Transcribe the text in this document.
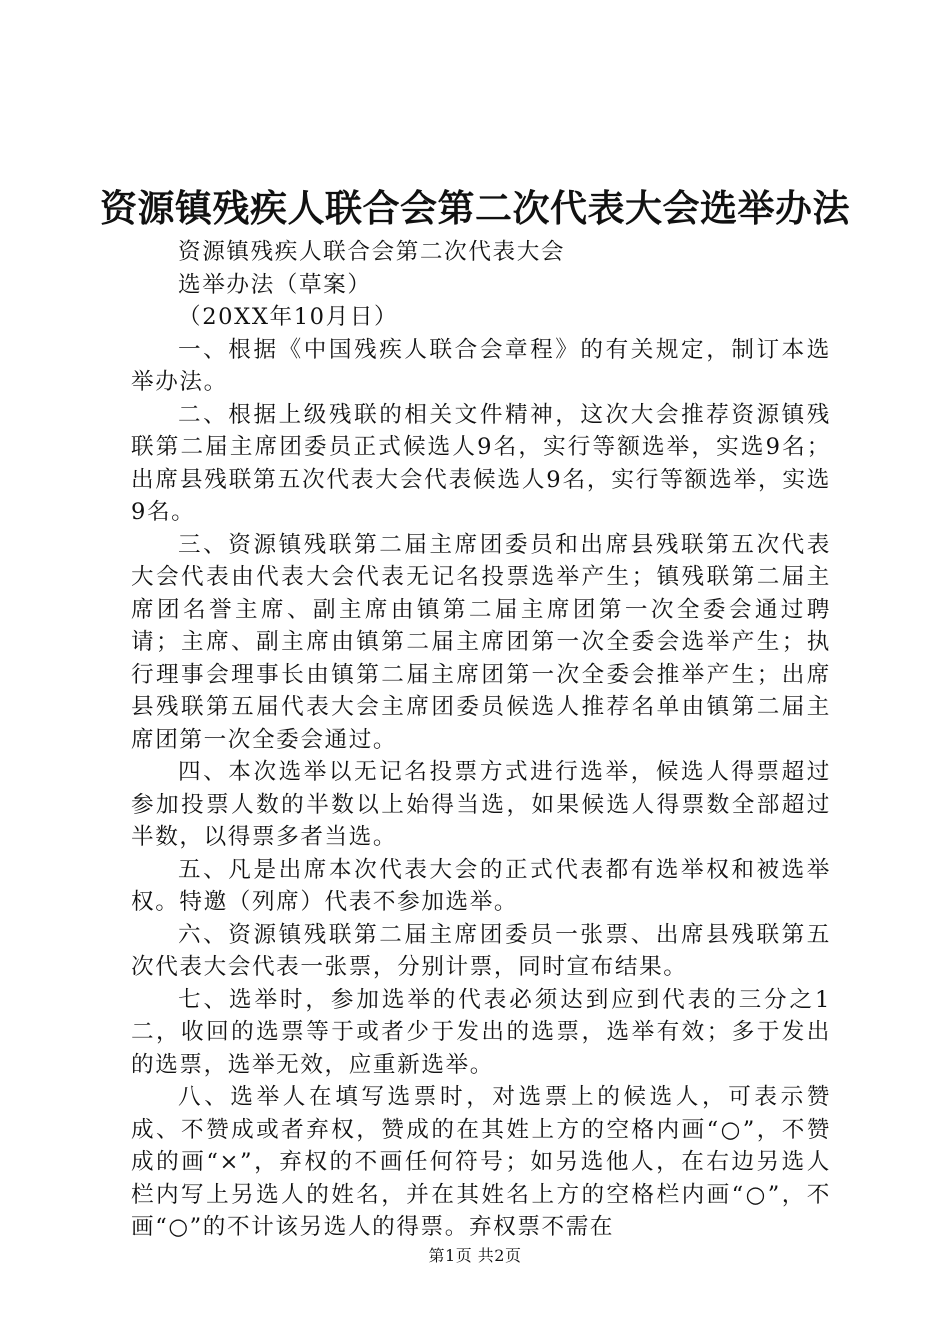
资源镇残疾人联合会第二次代表大会选举办法

资源镇残疾人联合会第二次代表大会

选举办法（草案）

（20XX年10月日）

一、根据《中国残疾人联合会章程》的有关规定，制订本选举办法。

二、根据上级残联的相关文件精神，这次大会推荐资源镇残联第二届主席团委员正式候选人9名，实行等额选举，实选9名；出席县残联第五次代表大会代表候选人9名，实行等额选举，实选9名。

三、资源镇残联第二届主席团委员和出席县残联第五次代表大会代表由代表大会代表无记名投票选举产生；镇残联第二届主席团名誉主席、副主席由镇第二届主席团第一次全委会通过聘请；主席、副主席由镇第二届主席团第一次全委会选举产生；执行理事会理事长由镇第二届主席团第一次全委会推举产生；出席县残联第五届代表大会主席团委员候选人推荐名单由镇第二届主席团第一次全委会通过。

四、本次选举以无记名投票方式进行选举，候选人得票超过参加投票人数的半数以上始得当选，如果候选人得票数全部超过半数，以得票多者当选。

五、凡是出席本次代表大会的正式代表都有选举权和被选举权。特邀（列席）代表不参加选举。

六、资源镇残联第二届主席团委员一张票、出席县残联第五次代表大会代表一张票，分别计票，同时宣布结果。

七、选举时，参加选举的代表必须达到应到代表的三分之1二，收回的选票等于或者少于发出的选票，选举有效；多于发出的选票，选举无效，应重新选举。

八、选举人在填写选票时，对选票上的候选人，可表示赞成、不赞成或者弃权，赞成的在其姓上方的空格内画“○”，不赞成的画“×”，弃权的不画任何符号；如另选他人，在右边另选人栏内写上另选人的姓名，并在其姓名上方的空格栏内画“○”，不画“○”的不计该另选人的得票。弃权票不需在

第1页 共2页
